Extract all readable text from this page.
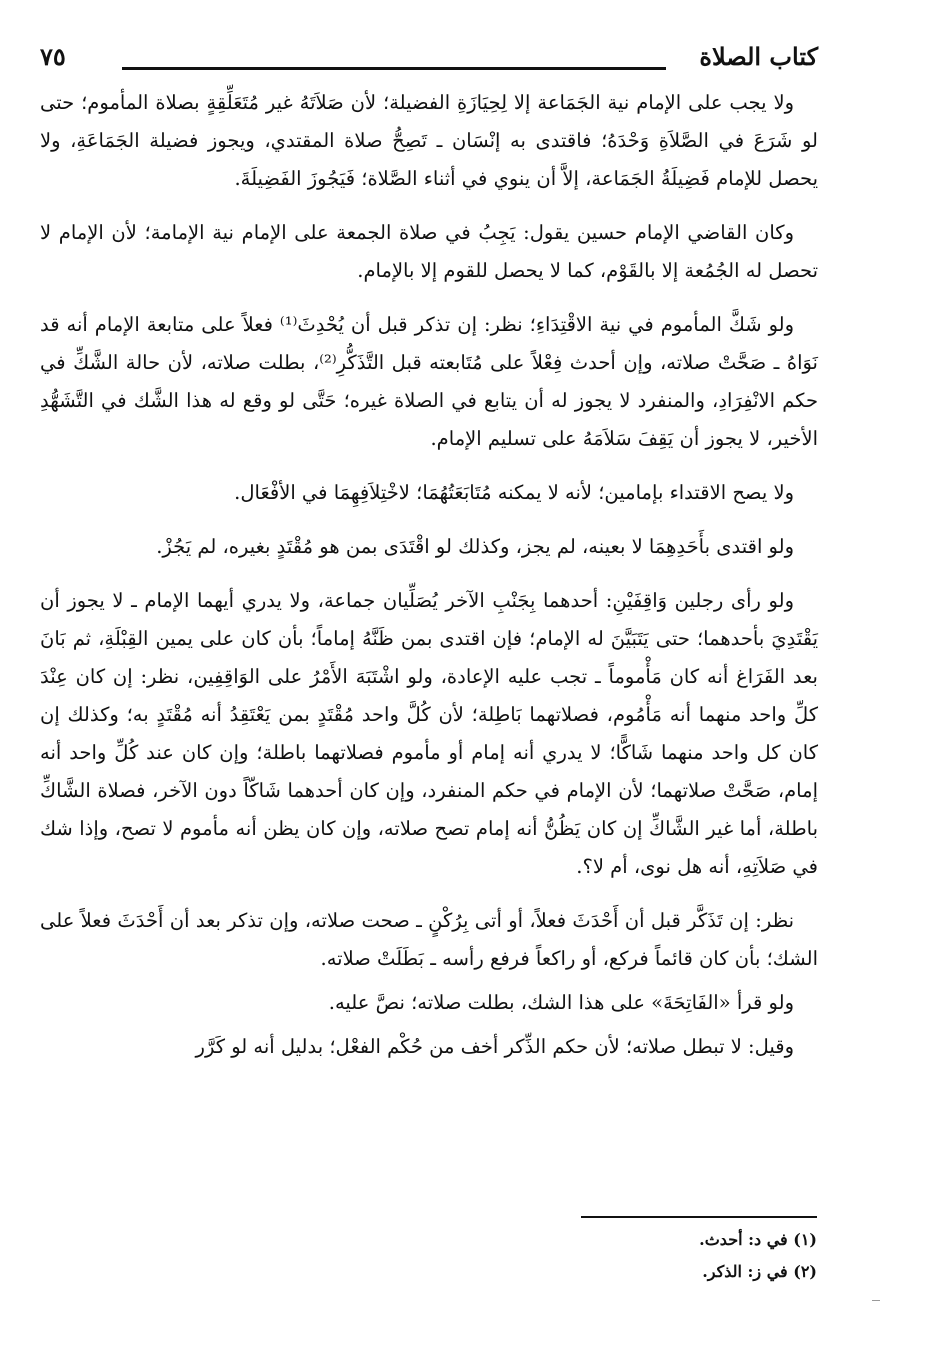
كتاب الصلاة
٧٥

ولا يجب على الإمام نية الجَمَاعة إلا لِحِيَازَةِ الفضيلة؛ لأن صَلاَتَهُ غير مُتَعَلِّقِةٍ بصلاة المأموم؛ حتى لو شَرَعَ في الصَّلاَةِ وَحْدَهُ؛ فاقتدى به إنْسَان ـ تَصِحُّ صلاة المقتدي، ويجوز فضيلة الجَمَاعَةِ، ولا يحصل للإمام فَضِيلَةُ الجَمَاعة، إلاَّ أن ينوي في أثناء الصَّلاة؛ فَيَجُوزَ الفَضِيلَةَ.

وكان القاضي الإمام حسين يقول: يَجِبُ في صلاة الجمعة على الإمام نية الإمامة؛ لأن الإمام لا تحصل له الجُمُعة إلا بالقَوْم، كما لا يحصل للقوم إلا بالإمام.

ولو شَكَّ المأموم في نية الاقْتِدَاءِ؛ نظر: إن تذكر قبل أن يُحْدِثَ⁽¹⁾ فعلاً على متابعة الإمام أنه قد نَوَاهُ ـ صَحَّتْ صلاته، وإن أحدث فِعْلاً على مُتَابعته قبل التَّذَكُّرِ⁽²⁾، بطلت صلاته، لأن حالة الشَّكِّ في حكم الانْفِرَادِ، والمنفرد لا يجوز له أن يتابع في الصلاة غيره؛ حَتَّى لو وقع له هذا الشَّك في التَّشَهُّدِ الأخير، لا يجوز أن يَقِفَ سَلاَمَهُ على تسليم الإمام.

ولا يصح الاقتداء بإمامين؛ لأنه لا يمكنه مُتَابَعَتُهُمَا؛ لاخْتِلاَفِهِمَا في الأفْعَال.

ولو اقتدى بأَحَدِهِمَا لا بعينه، لم يجز، وكذلك لو اقْتَدَى بمن هو مُقْتَدٍ بغيره، لم يَجُزْ.

ولو رأى رجلين وَاقِفَيْنِ: أحدهما بِجَنْبِ الآخر يُصَلِّيان جماعة، ولا يدري أيهما الإمام ـ لا يجوز أن يَقْتَدِيَ بأحدهما؛ حتى يَتَبَيَّنَ له الإمام؛ فإن اقتدى بمن ظَنَّهُ إماماً؛ بأن كان على يمين القِبْلَةِ، ثم بَانَ بعد الفَرَاغ أنه كان مَأْموماً ـ تجب عليه الإعادة، ولو اشْتَبَهَ الأَمْرُ على الوَاقِفِين، نظر: إن كان عِنْدَ كلِّ واحد منهما أنه مَأْمُوم، فصلاتهما بَاطِلة؛ لأن كُلَّ واحد مُقْتَدٍ بمن يَعْتَقِدُ أنه مُقْتَدٍ به؛ وكذلك إن كان كل واحد منهما شَاكًّا؛ لا يدري أنه إمام أو مأموم فصلاتهما باطلة؛ وإن كان عند كُلِّ واحد أنه إمام، صَحَّتْ صلاتهما؛ لأن الإمام في حكم المنفرد، وإن كان أحدهما شَاكّاً دون الآخر، فصلاة الشَّاكِّ باطلة، أما غير الشَّاكِّ إن كان يَظُنُّ أنه إمام تصح صلاته، وإن كان يظن أنه مأموم لا تصح، وإذا شك في صَلاَتِهِ، أنه هل نوى، أم لا؟.

نظر: إن تَذَكَّر قبل أن أَحْدَثَ فعلاً، أو أتى بِرُكْنٍ ـ صحت صلاته، وإن تذكر بعد أن أَحْدَثَ فعلاً على الشك؛ بأن كان قائماً فركع، أو راكعاً فرفع رأسه ـ بَطَلَتْ صلاته.

ولو قرأ «الفَاتِحَةَ» على هذا الشك، بطلت صلاته؛ نصَّ عليه.

وقيل: لا تبطل صلاته؛ لأن حكم الذِّكر أخف من حُكْم الفعْل؛ بدليل أنه لو كَرَّر

(١) في د: أحدث.
(٢) في ز: الذكر.
